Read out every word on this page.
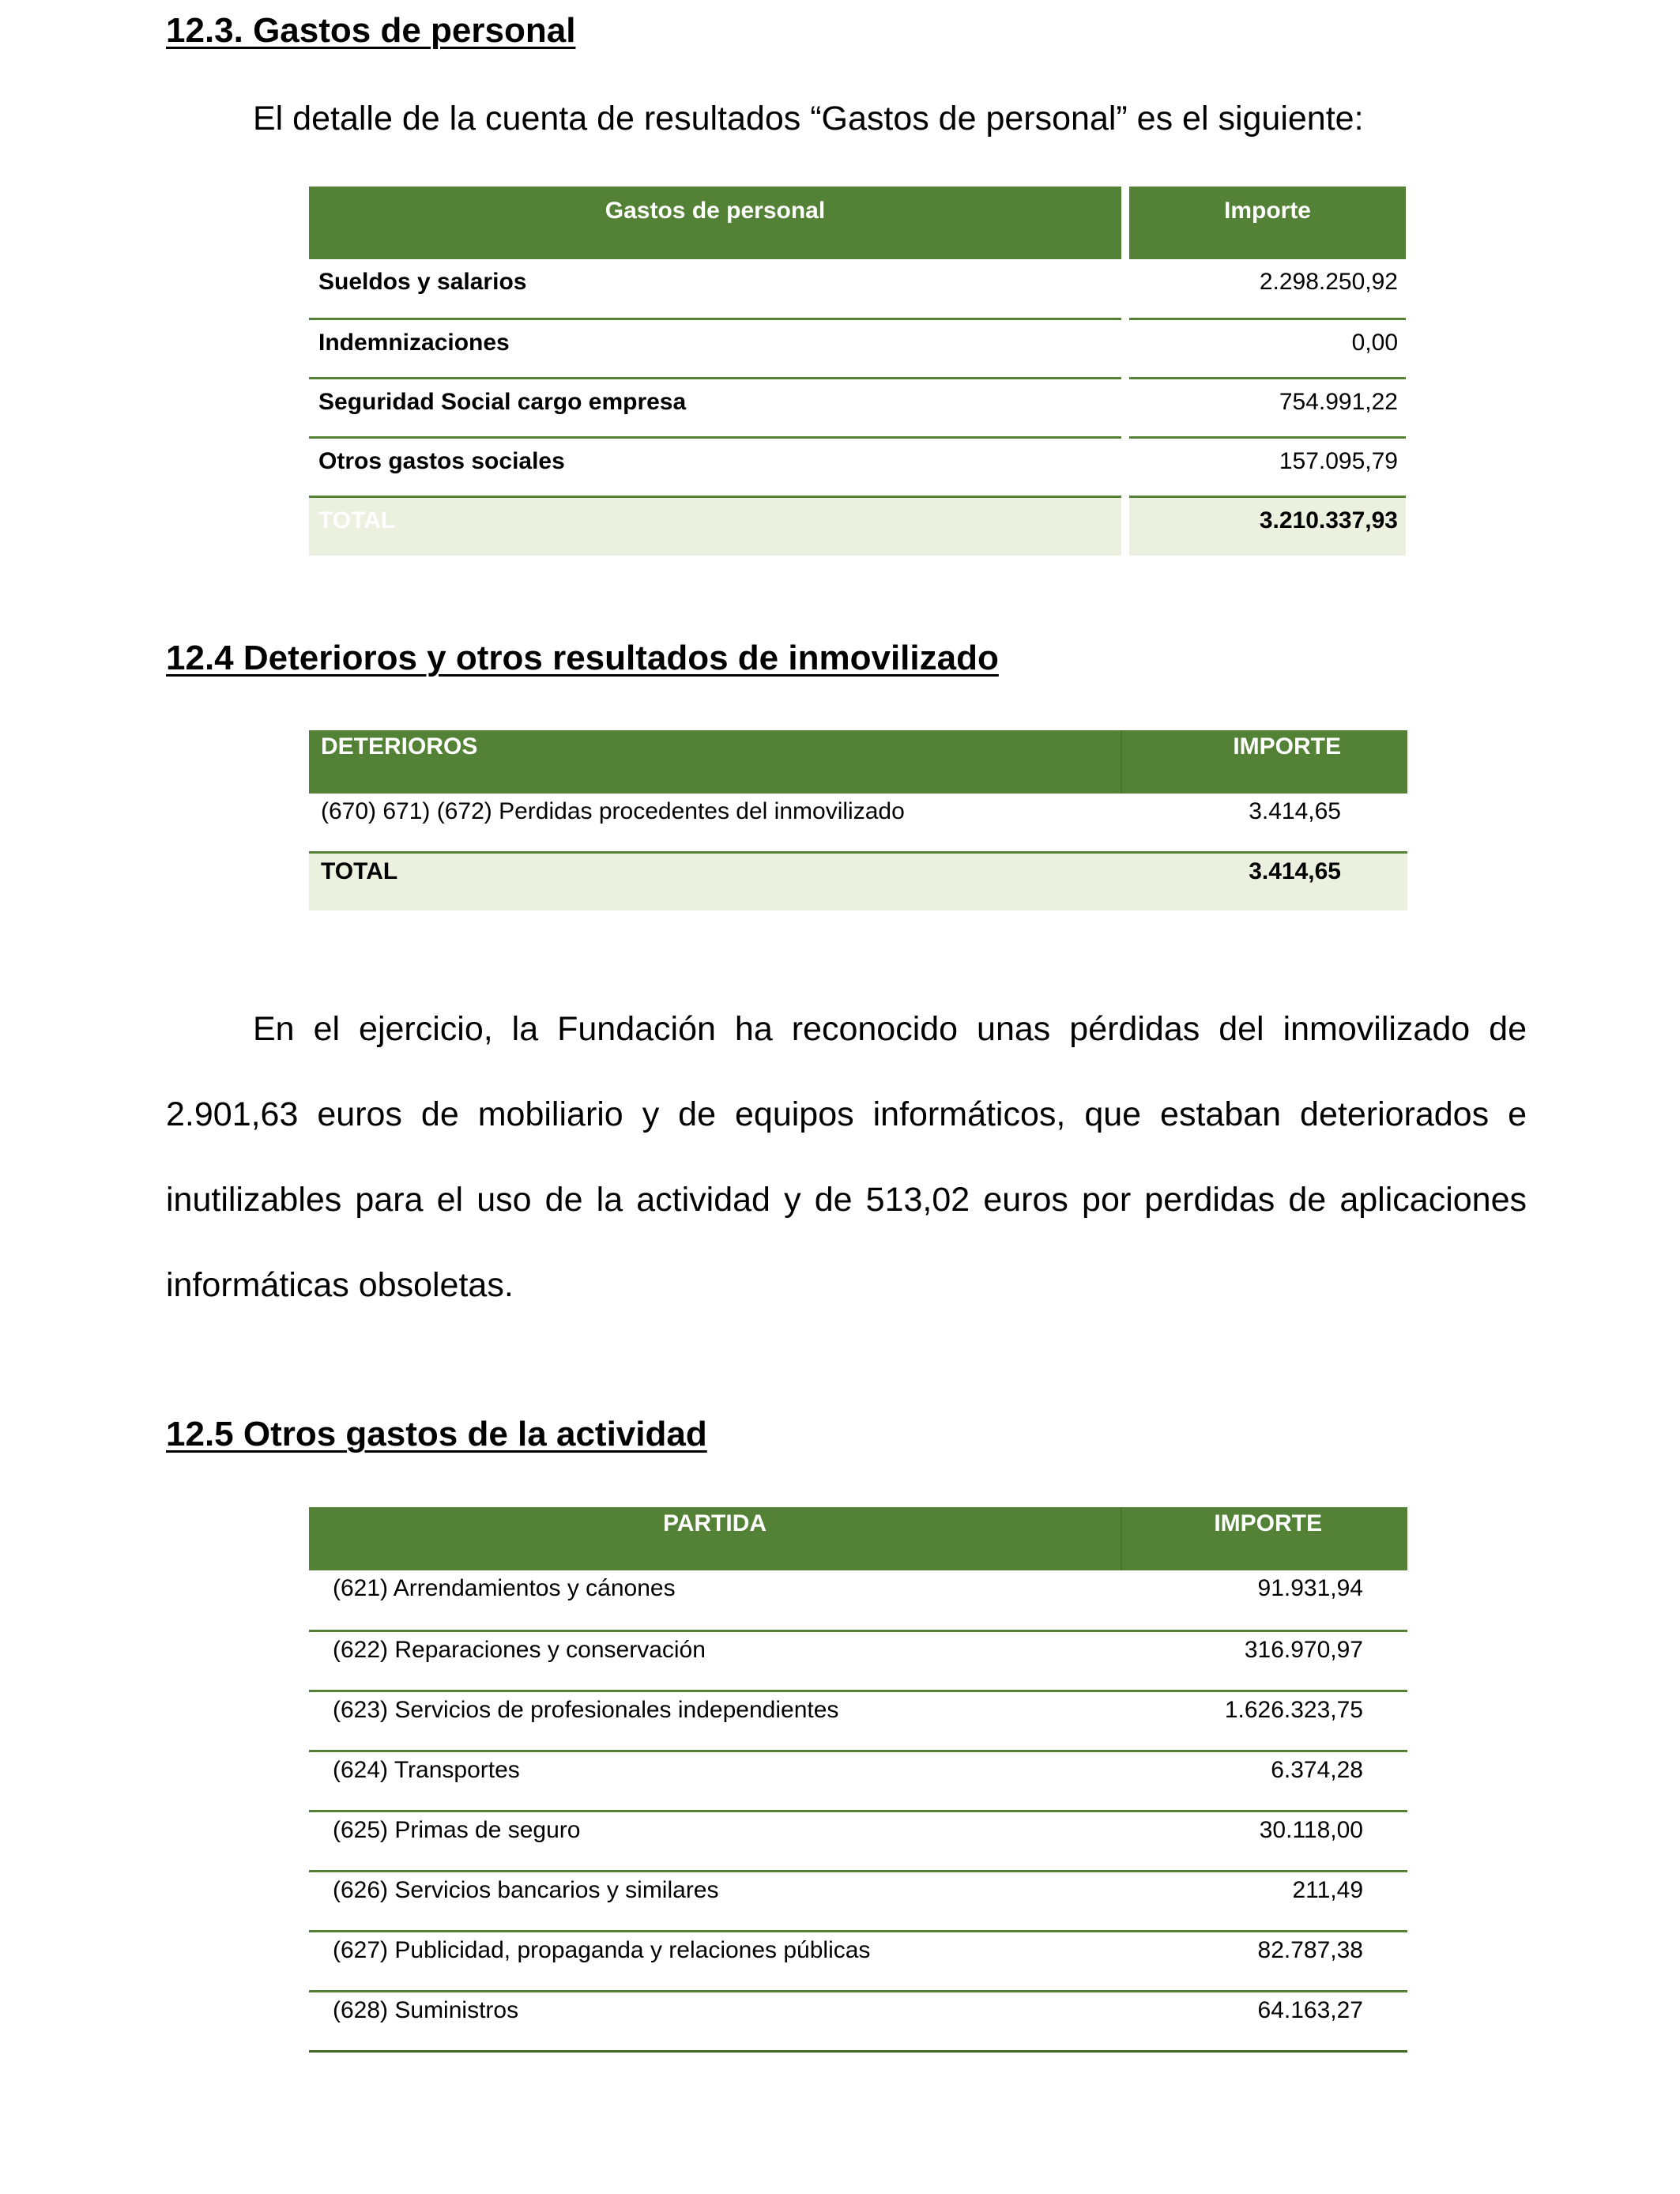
12.3. Gastos de personal

El detalle de la cuenta de resultados “Gastos de personal” es el siguiente:

Gastos de personal		Importe
Sueldos y salarios		2.298.250,92
Indemnizaciones		0,00
Seguridad Social cargo empresa		754.991,22
Otros gastos sociales		157.095,79
TOTAL		3.210.337,93
12.4 Deterioros y otros resultados de inmovilizado
DETERIOROS	IMPORTE
(670) 671) (672) Perdidas procedentes del inmovilizado	3.414,65
TOTAL	3.414,65

En el ejercicio, la Fundación ha reconocido unas pérdidas del inmovilizado de 2.901,63 euros de mobiliario y de equipos informáticos, que estaban deteriorados e inutilizables para el uso de la actividad y de 513,02 euros por perdidas de aplicaciones informáticas obsoletas.

12.5 Otros gastos de la actividad
PARTIDA	IMPORTE
(621) Arrendamientos y cánones	91.931,94
(622) Reparaciones y conservación	316.970,97
(623) Servicios de profesionales independientes	1.626.323,75
(624) Transportes	6.374,28
(625) Primas de seguro	30.118,00
(626) Servicios bancarios y similares	211,49
(627) Publicidad, propaganda y relaciones públicas	82.787,38
(628) Suministros	64.163,27
